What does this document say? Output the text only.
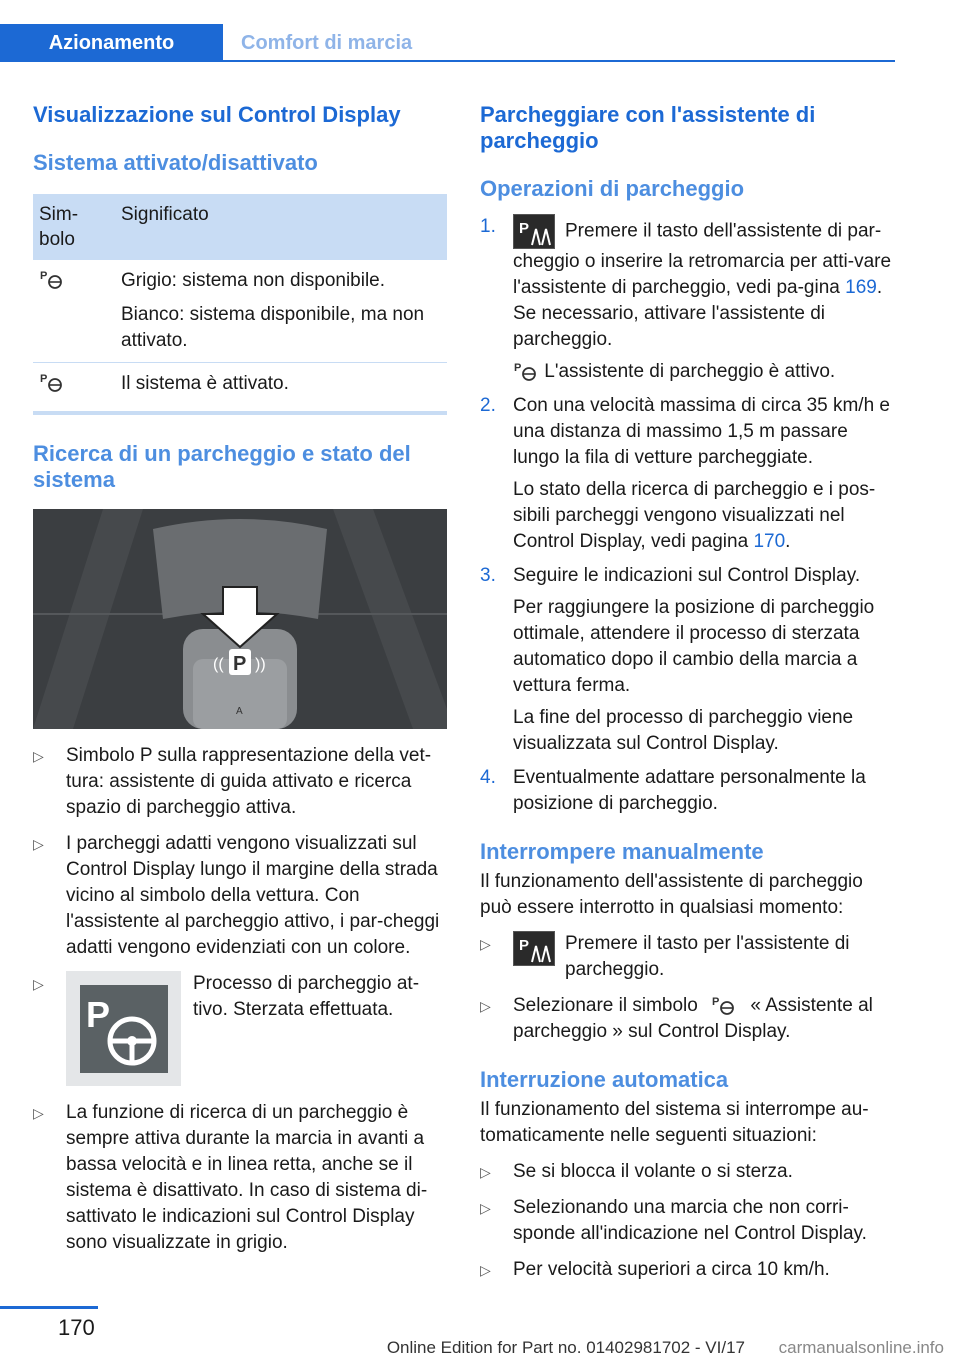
Azionamento	Comfort di marcia
Visualizzazione sul Control Display
Sistema attivato/disattivato
Sim-
bolo	Significato

P	Grigio: sistema non disponibile.

Bianco: sistema disponibile, ma non attivato.

P	Il sistema è attivato.

Ricerca di un parcheggio e stato del sistema
P
(( ))
A
▷	Simbolo P sulla rappresentazione della vet-tura: assistente di guida attivato e ricerca spazio di parcheggio attiva.
▷	I parcheggi adatti vengono visualizzati sul Control Display lungo il margine della strada vicino al simbolo della vettura. Con l'assistente al parcheggio attivo, i par-cheggi adatti vengono evidenziati con un colore.
▷
P
Processo di parcheggio at-tivo. Sterzata effettuata.
▷	La funzione di ricerca di un parcheggio è sempre attiva durante la marcia in avanti a bassa velocità e in linea retta, anche se il sistema è disattivato. In caso di sistema di-sattivato le indicazioni sul Control Display sono visualizzate in grigio.
Parcheggiare con l'assistente di parcheggio
Operazioni di parcheggio
1.	P Premere il tasto dell'assistente di par-cheggio o inserire la retromarcia per atti-vare l'assistente di parcheggio, vedi pa-gina 169. Se necessario, attivare l'assistente di parcheggio.
P L'assistente di parcheggio è attivo.
2. Con una velocità massima di circa 35 km/h e una distanza di massimo 1,5 m passare lungo la fila di vetture parcheggiate.
Lo stato della ricerca di parcheggio e i pos-sibili parcheggi vengono visualizzati nel Control Display, vedi pagina 170.
3. Seguire le indicazioni sul Control Display.
Per raggiungere la posizione di parcheggio ottimale, attendere il processo di sterzata automatico dopo il cambio della marcia a vettura ferma.
La fine del processo di parcheggio viene visualizzata sul Control Display.
4. Eventualmente adattare personalmente la posizione di parcheggio.
Interrompere manualmente

Il funzionamento dell'assistente di parcheggio può essere interrotto in qualsiasi momento:

▷	P Premere il tasto per l'assistente di parcheggio.
▷	Selezionare il simbolo P « Assistente al parcheggio » sul Control Display.
Interruzione automatica

Il funzionamento del sistema si interrompe au-tomaticamente nelle seguenti situazioni:

▷	Se si blocca il volante o si sterza.
▷	Selezionando una marcia che non corri-sponde all'indicazione nel Control Display.
▷	Per velocità superiori a circa 10 km/h.
170
Online Edition for Part no. 01402981702 - VI/17 carmanualsonline.info
